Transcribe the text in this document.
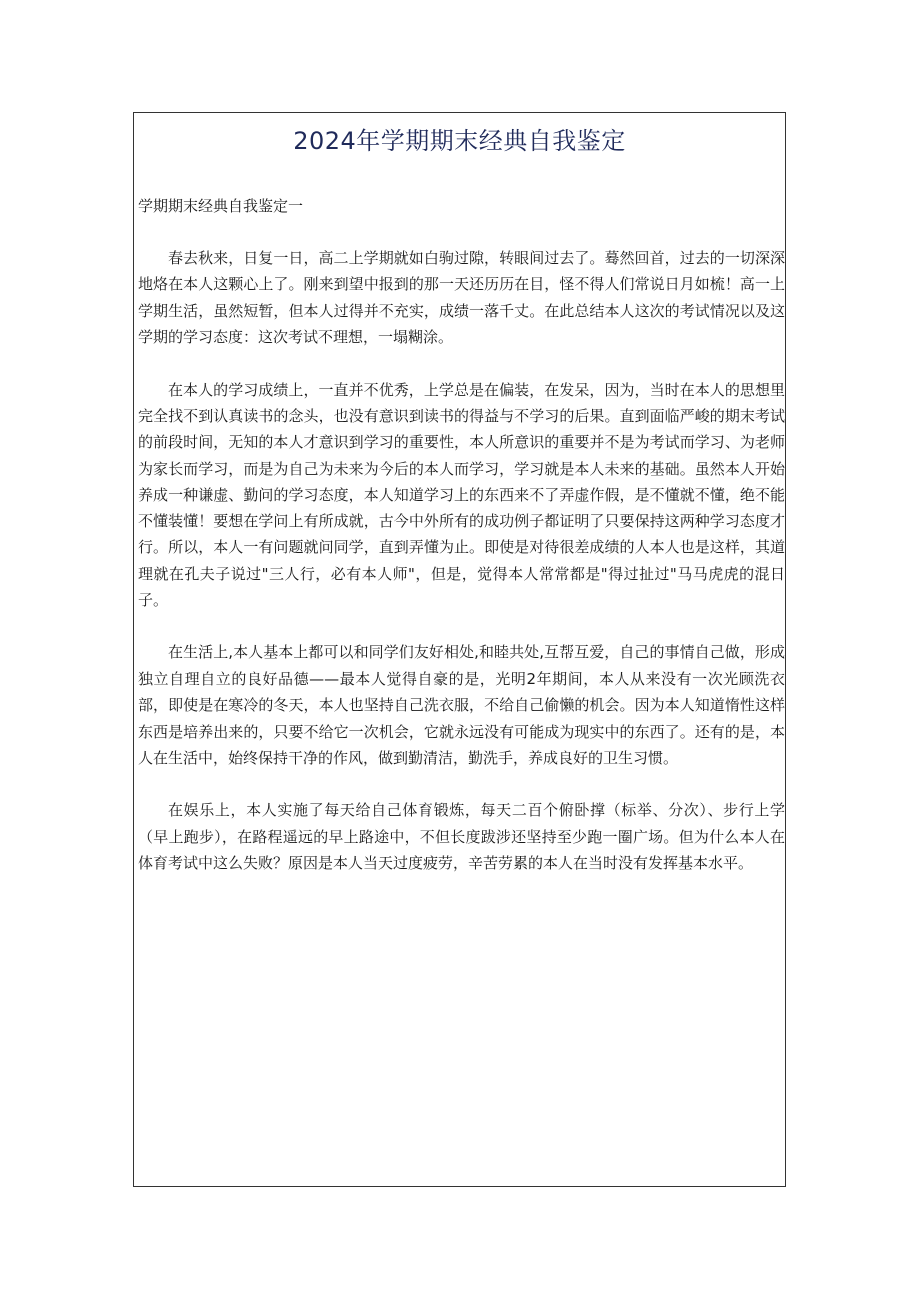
2024年学期期末经典自我鉴定

学期期末经典自我鉴定一

春去秋来，日复一日，高二上学期就如白驹过隙，转眼间过去了。蓦然回首，过去的一切深深地烙在本人这颗心上了。刚来到望中报到的那一天还历历在目，怪不得人们常说日月如梳！高一上学期生活，虽然短暂，但本人过得并不充实，成绩一落千丈。在此总结本人这次的考试情况以及这学期的学习态度：这次考试不理想，一塌糊涂。

在本人的学习成绩上，一直并不优秀，上学总是在偏装，在发呆，因为，当时在本人的思想里完全找不到认真读书的念头，也没有意识到读书的得益与不学习的后果。直到面临严峻的期末考试的前段时间，无知的本人才意识到学习的重要性，本人所意识的重要并不是为考试而学习、为老师为家长而学习，而是为自己为未来为今后的本人而学习，学习就是本人未来的基础。虽然本人开始养成一种谦虚、勤问的学习态度，本人知道学习上的东西来不了弄虚作假，是不懂就不懂，绝不能不懂装懂！要想在学问上有所成就，古今中外所有的成功例子都证明了只要保持这两种学习态度才行。所以，本人一有问题就问同学，直到弄懂为止。即使是对待很差成绩的人本人也是这样，其道理就在孔夫子说过"三人行，必有本人师"，但是，觉得本人常常都是"得过扯过"马马虎虎的混日子。

在生活上,本人基本上都可以和同学们友好相处,和睦共处,互帮互爱，自己的事情自己做，形成独立自理自立的良好品德——最本人觉得自豪的是，光明2年期间，本人从来没有一次光顾洗衣部，即使是在寒冷的冬天，本人也坚持自己洗衣服，不给自己偷懒的机会。因为本人知道惰性这样东西是培养出来的，只要不给它一次机会，它就永远没有可能成为现实中的东西了。还有的是，本人在生活中，始终保持干净的作风，做到勤清洁，勤洗手，养成良好的卫生习惯。

在娱乐上，本人实施了每天给自己体育锻炼，每天二百个俯卧撑（标举、分次）、步行上学（早上跑步），在路程遥远的早上路途中，不但长度跋涉还坚持至少跑一圈广场。但为什么本人在体育考试中这么失败？原因是本人当天过度疲劳，辛苦劳累的本人在当时没有发挥基本水平。
